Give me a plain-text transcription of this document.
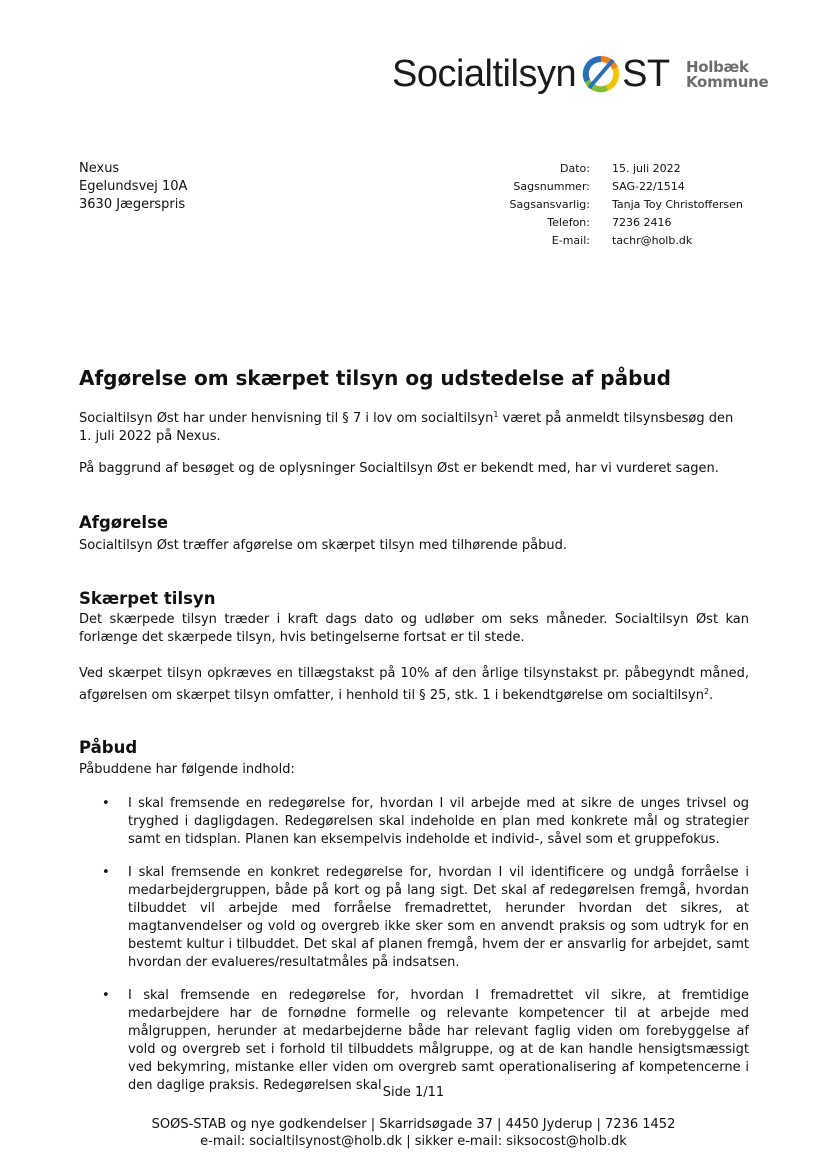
Socialtilsyn ST Holbæk
Kommune
Nexus
Egelundsvej 10A
3630 Jægerspris
Dato:	15. juli 2022
Sagsnummer:	SAG-22/1514
Sagsansvarlig:	Tanja Toy Christoffersen
Telefon:	7236 2416
E-mail:	tachr@holb.dk
Afgørelse om skærpet tilsyn og udstedelse af påbud

Socialtilsyn Øst har under henvisning til § 7 i lov om socialtilsyn$^1$ været på anmeldt tilsynsbesøg den 1. juli 2022 på Nexus.

På baggrund af besøget og de oplysninger Socialtilsyn Øst er bekendt med, har vi vurderet sagen.

Afgørelse

Socialtilsyn Øst træffer afgørelse om skærpet tilsyn med tilhørende påbud.

Skærpet tilsyn

Det skærpede tilsyn træder i kraft dags dato og udløber om seks måneder. Socialtilsyn Øst kan forlænge det skærpede tilsyn, hvis betingelserne fortsat er til stede.

Ved skærpet tilsyn opkræves en tillægstakst på 10% af den årlige tilsynstakst pr. påbegyndt måned, afgørelsen om skærpet tilsyn omfatter, i henhold til § 25, stk. 1 i bekendtgørelse om socialtilsyn$^2$.

Påbud

Påbuddene har følgende indhold:

• I skal fremsende en redegørelse for, hvordan I vil arbejde med at sikre de unges trivsel og tryghed i dagligdagen. Redegørelsen skal indeholde en plan med konkrete mål og strategier samt en tidsplan. Planen kan eksempelvis indeholde et individ-, såvel som et gruppefokus.
• I skal fremsende en konkret redegørelse for, hvordan I vil identificere og undgå forråelse i medarbejdergruppen, både på kort og på lang sigt. Det skal af redegørelsen fremgå, hvordan tilbuddet vil arbejde med forråelse fremadrettet, herunder hvordan det sikres, at magtanvendelser og vold og overgreb ikke sker som en anvendt praksis og som udtryk for en bestemt kultur i tilbuddet. Det skal af planen fremgå, hvem der er ansvarlig for arbejdet, samt hvordan der evalueres/resultatmåles på indsatsen.
• I skal fremsende en redegørelse for, hvordan I fremadrettet vil sikre, at fremtidige medarbejdere har de fornødne formelle og relevante kompetencer til at arbejde med målgruppen, herunder at medarbejderne både har relevant faglig viden om forebyggelse af vold og overgreb set i forhold til tilbuddets målgruppe, og at de kan handle hensigtsmæssigt ved bekymring, mistanke eller viden om overgreb samt operationalisering af kompetencerne i den daglige praksis. Redegørelsen skal Side 1/11
SOØS-STAB og nye godkendelser | Skarridsøgade 37 | 4450 Jyderup | 7236 1452
e-mail: socialtilsynost@holb.dk | sikker e-mail: siksocost@holb.dk
